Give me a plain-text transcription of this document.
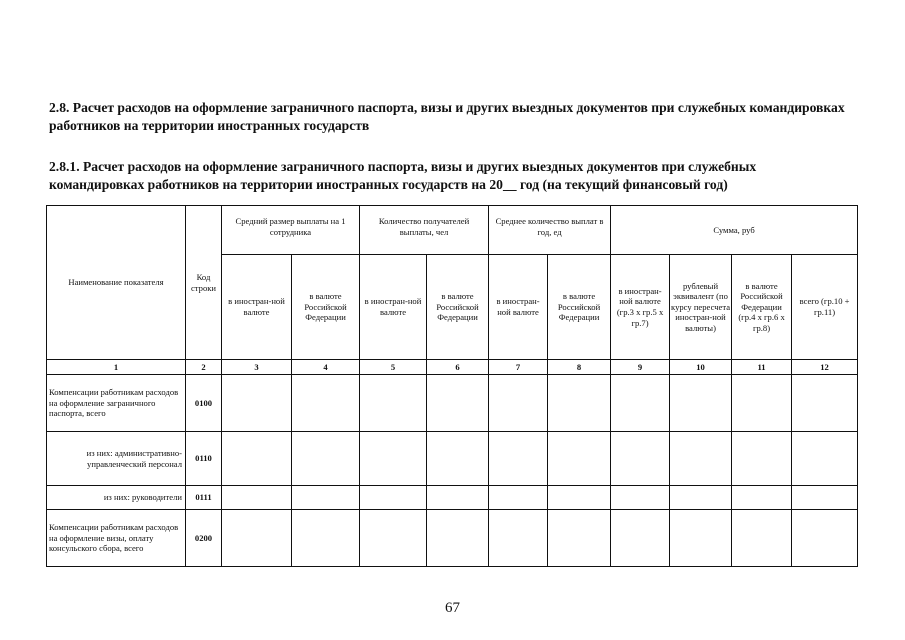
2.8. Расчет расходов на оформление заграничного паспорта, визы и других выездных документов при служебных командировках работников на территории иностранных государств
2.8.1. Расчет расходов на оформление заграничного паспорта, визы и других выездных документов при служебных командировках работников на территории иностранных государств на 20__ год (на текущий финансовый год)
Наименование показателя	Код строки	Средний размер выплаты на 1 сотрудника		Количество получателей выплаты, чел		Среднее количество выплат в год, ед		Сумма, руб			
		в иностран-ной валюте	в валюте Российской Федерации	в иностран-ной валюте	в валюте Российской Федерации	в иностран-ной валюте	в валюте Российской Федерации	в иностран-ной валюте (гр.3 х гр.5 х гр.7)	рублевый эквивалент (по курсу пересчета иностран-ной валюты)	в валюте Российской Федерации (гр.4 х гр.6 х гр.8)	всего (гр.10 + гр.11)
1	2	3	4	5	6	7	8	9	10	11	12
Компенсации работникам расходов на оформление заграничного паспорта, всего	0100										
из них: административно-управленческий персонал	0110										
из них: руководители	0111										
Компенсации работникам расходов на оформление визы, оплату консульского сбора, всего	0200										
67
